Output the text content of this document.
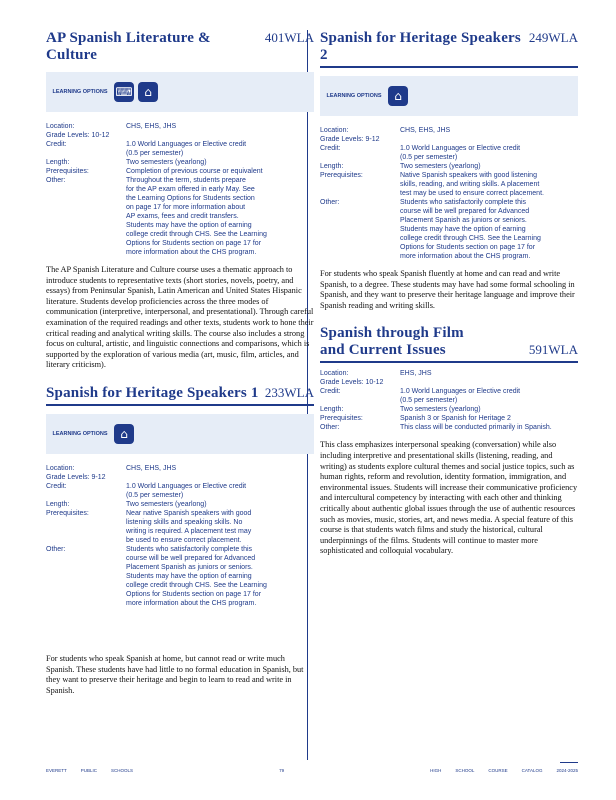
AP Spanish Literature & Culture
401WLA
LEARNING OPTIONS ⌨ ⌂
Location:	CHS, EHS, JHS
Grade Levels: 10-12
Credit:	1.0 World Languages or Elective credit
(0.5 per semester)
Length:	Two semesters (yearlong)
Prerequisites:	Completion of previous course or equivalent
Other:	Throughout the term, students prepare
for the AP exam offered in early May. See
the Learning Options for Students section
on page 17 for more information about
AP exams, fees and credit transfers.
Students may have the option of earning
college credit through CHS. See the Learning
Options for Students section on page 17 for
more information about the CHS program.
The AP Spanish Literature and Culture course uses a thematic approach to introduce students to representative texts (short stories, novels, poetry, and essays) from Peninsular Spanish, Latin American and United States Hispanic literature. Students develop proficiencies across the three modes of communication (interpretive, interpersonal, and presentational). Through careful examination of the required readings and other texts, students work to hone their critical reading and analytical writing skills. The course also includes a strong focus on cultural, artistic, and linguistic connections and comparisons, which is supported by the exploration of various media (art, music, film, articles, and literary criticism).
Spanish for Heritage Speakers 1 233WLA
LEARNING OPTIONS	⌂
Location:	CHS, EHS, JHS
Grade Levels: 9-12
Credit:	1.0 World Languages or Elective credit
(0.5 per semester)
Length:	Two semesters (yearlong)
Prerequisites:	Near native Spanish speakers with good
listening skills and speaking skills. No
writing is required. A placement test may
be used to ensure correct placement.
Other:	Students who satisfactorily complete this
course will be well prepared for Advanced
Placement Spanish as juniors or seniors.
Students may have the option of earning
college credit through CHS. See the Learning
Options for Students section on page 17 for
more information about the CHS program.
For students who speak Spanish at home, but cannot read or write much Spanish. These students have had little to no formal education in Spanish, but they want to preserve their heritage and begin to learn to read and write in Spanish.
Spanish for Heritage Speakers 2
249WLA
LEARNING OPTIONS	⌂
Location:	CHS, EHS, JHS
Grade Levels: 9-12
Credit:	1.0 World Languages or Elective credit
(0.5 per semester)
Length:	Two semesters (yearlong)
Prerequisites:	Native Spanish speakers with good listening
skills, reading, and writing skills. A placement
test may be used to ensure correct placement.
Other:	Students who satisfactorily complete this
course will be well prepared for Advanced
Placement Spanish as juniors or seniors.
Students may have the option of earning
college credit through CHS. See the Learning
Options for Students section on page 17 for
more information about the CHS program.
For students who speak Spanish fluently at home and can read and write Spanish, to a degree. These students may have had some formal schooling in Spanish, and they want to preserve their heritage language and improve their Spanish reading and writing skills.
Spanish through Film
and Current Issues	591WLA
Location:	EHS, JHS
Grade Levels: 10-12
Credit:	1.0 World Languages or Elective credit
(0.5 per semester)
Length:	Two semesters (yearlong)
Prerequisites:	Spanish 3 or Spanish for Heritage 2
Other:	This class will be conducted primarily in Spanish.
This class emphasizes interpersonal speaking (conversation) while also including interpretive and presentational skills (listening, reading, and writing) as students explore cultural themes and social justice topics, such as human rights, reform and revolution, identity formation, immigration, and environmental issues. Students will increase their communicative proficiency and intercultural competency by interacting with each other and thinking critically about authentic global issues through the use of authentic resources such as movies, music, stories, art, and news media. A special feature of this course is that students watch films and study the historical, cultural underpinnings of the films. Students will continue to master more sophisticated and colloquial vocabulary.
EVERETT	PUBLIC	SCHOOLS	79	HIGH	SCHOOL	COURSE	CATALOG	2024-2025
